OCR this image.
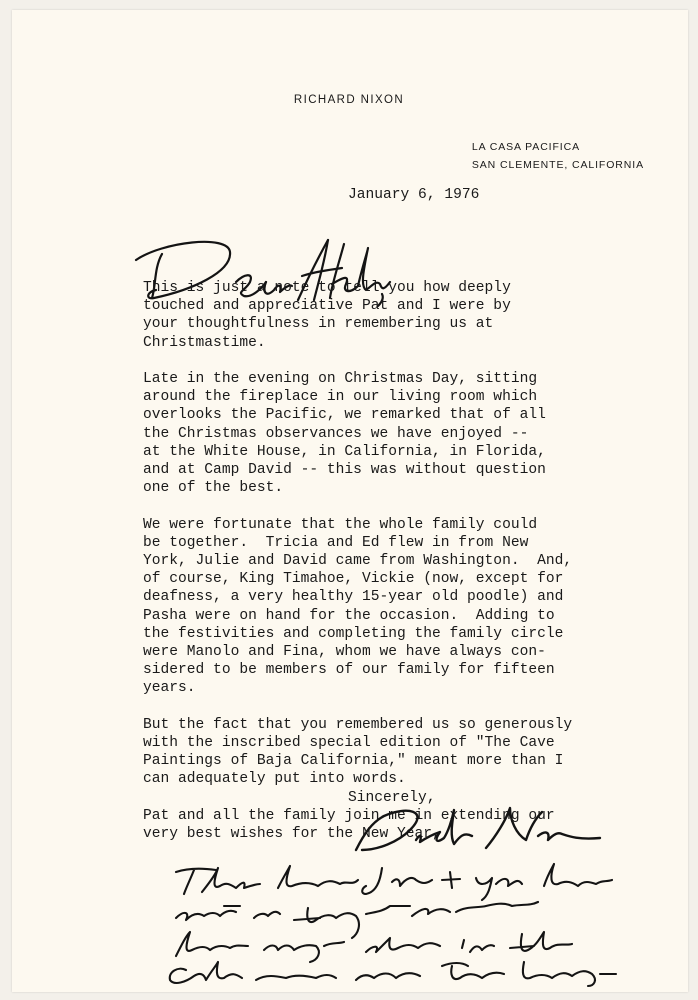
RICHARD NIXON
LA CASA PACIFICA
SAN CLEMENTE, CALIFORNIA
January 6, 1976

This is just a note to tell you how deeply
touched and appreciative Pat and I were by
your thoughtfulness in remembering us at
Christmastime.

Late in the evening on Christmas Day, sitting
around the fireplace in our living room which
overlooks the Pacific, we remarked that of all
the Christmas observances we have enjoyed --
at the White House, in California, in Florida,
and at Camp David -- this was without question
one of the best.

We were fortunate that the whole family could
be together.  Tricia and Ed flew in from New
York, Julie and David came from Washington.  And,
of course, King Timahoe, Vickie (now, except for
deafness, a very healthy 15-year old poodle) and
Pasha were on hand for the occasion.  Adding to
the festivities and completing the family circle
were Manolo and Fina, whom we have always con-
sidered to be members of our family for fifteen
years.

But the fact that you remembered us so generously
with the inscribed special edition of "The Cave
Paintings of Baja California," meant more than I
can adequately put into words.

Pat and all the family join me in extending our
very best wishes for the New Year,

Sincerely,
